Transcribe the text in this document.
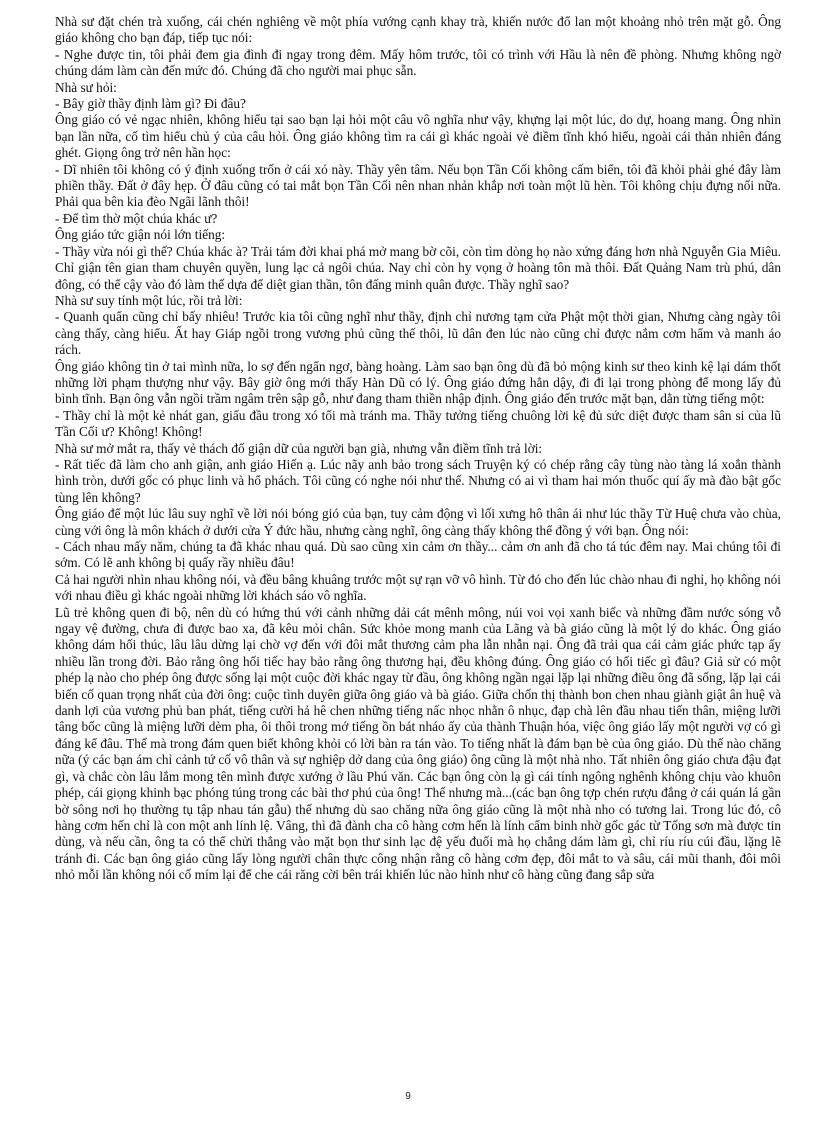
Nhà sư đặt chén trà xuống, cái chén nghiêng về một phía vướng cạnh khay trà, khiến nước đổ lan một khoảng nhỏ trên mặt gỗ. Ông giáo không cho bạn đáp, tiếp tục nói:

- Nghe được tin, tôi phải đem gia đình đi ngay trong đêm. Mấy hôm trước, tôi có trình với Hầu là nên đề phòng. Nhưng không ngờ chúng dám làm càn đến mức đó. Chúng đã cho người mai phục sẵn.

Nhà sư hỏi:

- Bây giờ thầy định làm gì? Đi đâu?

Ông giáo có vẻ ngạc nhiên, không hiểu tại sao bạn lại hỏi một câu vô nghĩa như vậy, khựng lại một lúc, do dự, hoang mang. Ông nhìn bạn lần nữa, cố tìm hiểu chủ ý của câu hỏi. Ông giáo không tìm ra cái gì khác ngoài vẻ điềm tĩnh khó hiểu, ngoài cái thản nhiên đáng ghét. Giọng ông trở nên hần học:

- Dĩ nhiên tôi không có ý định xuống trốn ở cái xó này. Thầy yên tâm. Nếu bọn Tần Cối không cấm biển, tôi đã khỏi phải ghé đây làm phiền thầy. Đất ở đây hẹp. Ở đâu cũng có tai mắt bọn Tần Cối nên nhan nhản khắp nơi toàn một lũ hèn. Tôi không chịu đựng nổi nữa. Phải qua bên kia đèo Ngãi lãnh thôi!

- Để tìm thờ một chúa khác ư?

Ông giáo tức giận nói lớn tiếng:

- Thầy vừa nói gì thế? Chúa khác à? Trải tám đời khai phá mở mang bờ cõi, còn tìm dòng họ nào xứng đáng hơn nhà Nguyễn Gia Miêu. Chỉ giận tên gian tham chuyên quyền, lung lạc cả ngôi chúa. Nay chỉ còn hy vọng ở hoàng tôn mà thôi. Đất Quảng Nam trù phú, dân đông, có thể cậy vào đó làm thế dựa để diệt gian thần, tôn đấng minh quân được. Thầy nghĩ sao?

Nhà sư suy tính một lúc, rồi trả lời:

- Quanh quẩn cũng chỉ bấy nhiêu! Trước kia tôi cũng nghĩ như thầy, định chỉ nương tạm cửa Phật một thời gian, Nhưng càng ngày tôi càng thấy, càng hiểu. Ất hay Giáp ngồi trong vương phủ cũng thế thôi, lũ dân đen lúc nào cũng chỉ được nắm cơm hẩm và manh áo rách.

Ông giáo không tin ở tai mình nữa, lo sợ đến ngẩn ngơ, bàng hoàng. Làm sao bạn ông dù đã bỏ mộng kinh sư theo kinh kệ lại dám thốt những lời phạm thượng như vậy. Bây giờ ông mới thấy Hàn Dũ có lý. Ông giáo đứng hẳn dậy, đi đi lại trong phòng để mong lấy đủ bình tĩnh. Bạn ông vẫn ngồi trầm ngâm trên sập gỗ, như đang tham thiền nhập định. Ông giáo đến trước mặt bạn, dằn từng tiếng một:

- Thầy chỉ là một kẻ nhát gan, giấu đầu trong xó tối mà tránh ma. Thầy tưởng tiếng chuông lời kệ đủ sức diệt được tham sân si của lũ Tần Cối ư? Không! Không!

Nhà sư mở mắt ra, thấy vẻ thách đố giận dữ của người bạn già, nhưng vẫn điềm tĩnh trả lời:

- Rất tiếc đã làm cho anh giận, anh giáo Hiến ạ. Lúc nãy anh bảo trong sách Truyện ký có chép rằng cây tùng nào tàng lá xoắn thành hình tròn, dưới gốc có phục linh và hổ phách. Tôi cũng có nghe nói như thế. Nhưng có ai vì tham hai món thuốc quí ấy mà đào bật gốc tùng lên không?

Ông giáo để một lúc lâu suy nghĩ về lời nói bóng gió của bạn, tuy cảm động vì lối xưng hô thân ái như lúc thầy Từ Huệ chưa vào chùa, cùng với ông là môn khách ở dưới cửa Ý đức hầu, nhưng càng nghĩ, ông càng thấy không thể đồng ý với bạn. Ông nói:

- Cách nhau mấy năm, chúng ta đã khác nhau quá. Dù sao cũng xin cảm ơn thầy... cảm ơn anh đã cho tá túc đêm nay. Mai chúng tôi đi sớm. Có lẽ anh không bị quấy rầy nhiều đâu!

Cả hai người nhìn nhau không nói, và đều bâng khuâng trước một sự rạn vỡ vô hình. Từ đó cho đến lúc chào nhau đi nghỉ, họ không nói với nhau điều gì khác ngoài những lời khách sáo vô nghĩa.

Lũ trẻ không quen đi bộ, nên dù có hứng thú với cảnh những dải cát mênh mông, núi voi vọi xanh biếc và những đầm nước sóng vỗ ngay vệ đường, chưa đi được bao xa, đã kêu mỏi chân. Sức khỏe mong manh của Lãng và bà giáo cũng là một lý do khác. Ông giáo không dám hối thúc, lâu lâu dừng lại chờ vợ đến với đôi mắt thương cảm pha lẫn nhẫn nại. Ông đã trải qua cái cảm giác phức tạp ấy nhiều lần trong đời. Bảo rằng ông hối tiếc hay bảo rằng ông thương hại, đều không đúng. Ông giáo có hối tiếc gì đâu? Giả sử có một phép lạ nào cho phép ông được sống lại một cuộc đời khác ngay từ đầu, ông không ngần ngại lặp lại những điều ông đã sống, lặp lại cái biến cố quan trọng nhất của đời ông: cuộc tình duyên giữa ông giáo và bà giáo. Giữa chốn thị thành bon chen nhau giành giật ân huệ và danh lợi của vương phủ ban phát, tiếng cười hả hê chen những tiếng nấc nhọc nhằn ô nhục, đạp chà lên đầu nhau tiến thân, miệng lưỡi tâng bốc cũng là miệng lưỡi dèm pha, ôi thôi trong mớ tiếng ồn bát nháo ấy của thành Thuận hóa, việc ông giáo lấy một người vợ có gì đáng kể đâu. Thế mà trong đám quen biết không khỏi có lời bàn ra tán vào. To tiếng nhất là đám bạn bè của ông giáo. Dù thế nào chăng nữa (ý các bạn ám chỉ cảnh tứ cố vô thân và sự nghiệp dở dang của ông giáo) ông cũng là một nhà nho. Tất nhiên ông giáo chưa đậu đạt gì, và chắc còn lâu lắm mong tên mình được xướng ở lầu Phú văn. Các bạn ông còn lạ gì cái tính ngông nghênh không chịu vào khuôn phép, cái giọng khinh bạc phóng túng trong các bài thơ phú của ông! Thế nhưng mà...(các bạn ông tợp chén rượu đắng ở cái quán lá gần bờ sông nơi họ thường tụ tập nhau tán gẫu) thế nhưng dù sao chăng nữa ông giáo cũng là một nhà nho có tương lai. Trong lúc đó, cô hàng cơm hến chỉ là con một anh lính lệ. Vâng, thì đã đành cha cô hàng cơm hến là lính cẩm binh nhờ gốc gác từ Tống sơn mà được tin dùng, và nếu cần, ông ta có thể chửi thẳng vào mặt bọn thư sinh lạc đệ yếu đuối mà họ chẳng dám làm gì, chỉ ríu ríu cúi đầu, lặng lẽ tránh đi. Các bạn ông giáo cũng lấy lòng người chân thực công nhận rằng cô hàng cơm đẹp, đôi mắt to và sâu, cái mũi thanh, đôi môi nhỏ mỗi lần không nói cố mím lại để che cái răng cời bên trái khiến lúc nào hình như cô hàng cũng đang sắp sửa

9
